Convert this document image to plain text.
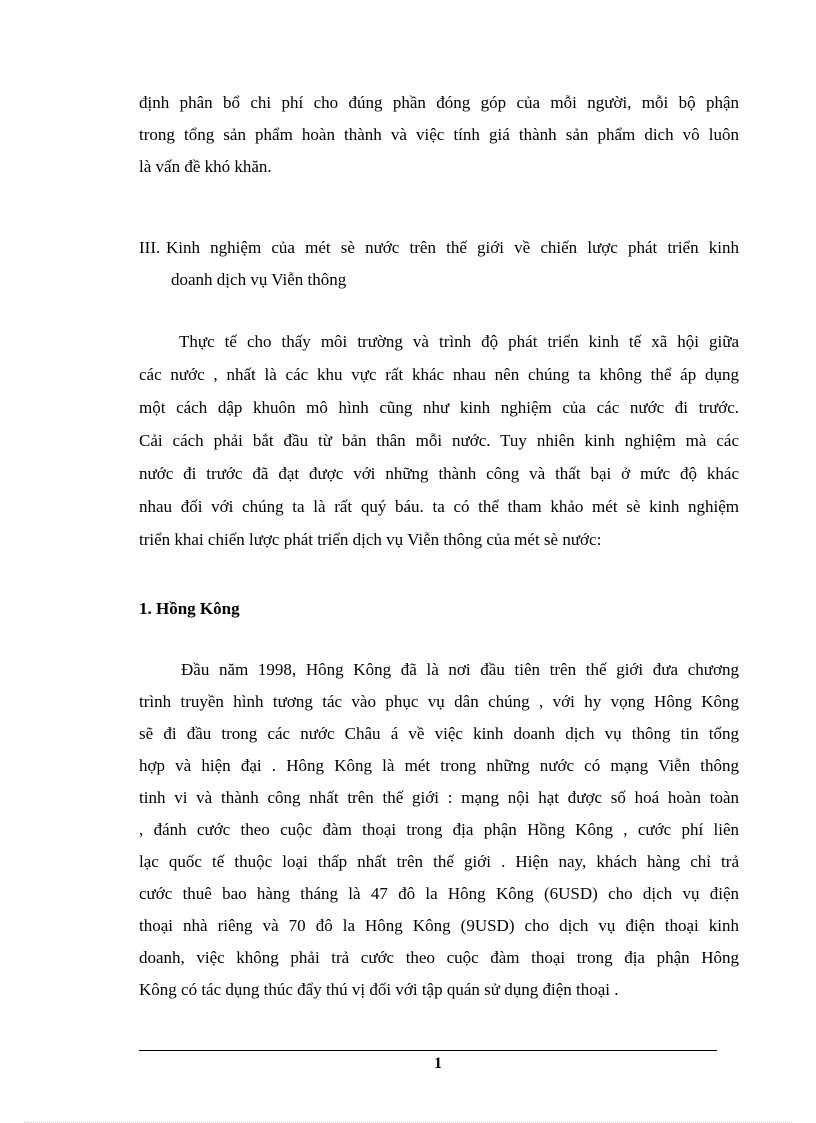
định phân bổ chi phí cho đúng phần đóng góp của mỗi người, mỗi bộ phận
trong tổng sản phẩm hoàn thành và việc tính giá thành sản phẩm dich vô luôn
là vấn đề khó khăn.
III. Kinh nghiệm của mét sè nước trên thế giới về chiến lược phát triển kinh
doanh dịch vụ Viễn thông
Thực tế cho thấy môi trường và trình độ phát triển kinh tế xã hội giữa
các nước , nhất là các khu vực rất khác nhau nên chúng ta không thể áp dụng
một cách dập khuôn mô hình cũng như kinh nghiệm của các nước đi trước.
Cải cách phải bắt đầu từ bản thân mỗi nước. Tuy nhiên kinh nghiệm mà các
nước đi trước đã đạt được với những thành công và thất bại ở mức độ khác
nhau đối với chúng ta là rất quý báu. ta có thể tham khảo mét sè kinh nghiệm
triển khai chiến lược phát triển dịch vụ Viễn thông của mét sè nước:
1. Hồng Kông
Đầu năm 1998, Hông Kông đã là nơi đầu tiên trên thế giới đưa chương
trình truyền hình tương tác vào phục vụ dân chúng , với hy vọng Hông Kông
sẽ đi đầu trong các nước Châu á về việc kinh doanh dịch vụ thông tin tổng
hợp và hiện đại . Hông Kông là mét trong những nước có mạng Viễn thông
tinh vi và thành công nhất trên thế giới : mạng nội hạt được số hoá hoàn toàn
, đánh cước theo cuộc đàm thoại trong địa phận Hồng Kông , cước phí liên
lạc quốc tế thuộc loại thấp nhất trên thế giới . Hiện nay, khách hàng chỉ trả
cước thuê bao hàng tháng là 47 đô la Hông Kông (6USD) cho dịch vụ điện
thoại nhà riêng và 70 đô la Hông Kông (9USD) cho dịch vụ điện thoại kinh
doanh, việc không phải trả cước theo cuộc đàm thoại trong địa phận Hông
Kông có tác dụng thúc đẩy thú vị đối với tập quán sử dụng điện thoại .
1
